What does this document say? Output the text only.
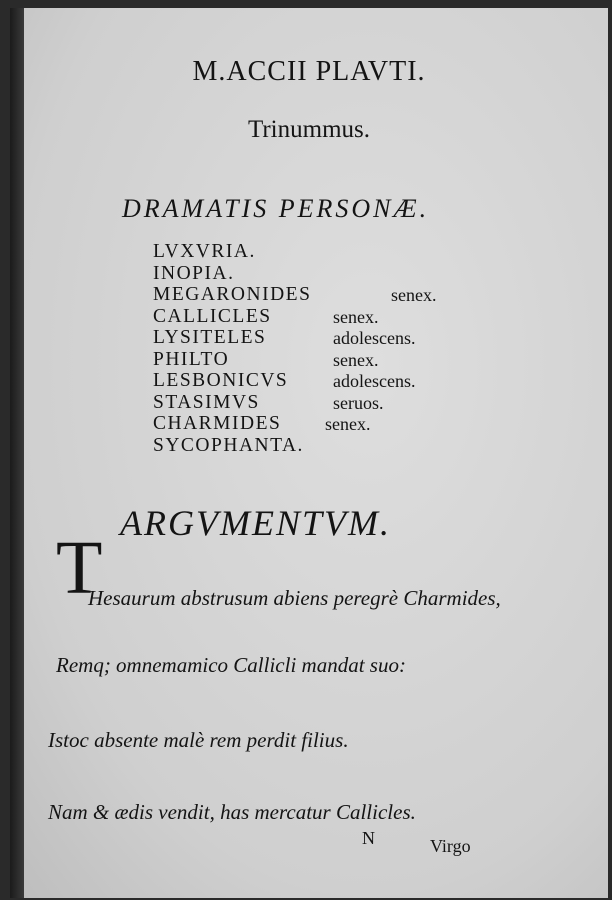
M.ACCII PLAVTI.
Trinummus.
DRAMATIS PERSONÆ.
LVXVRIA.
INOPIA.
MEGARONIDES	senex.
CALLICLES	senex.
LYSITELES	adolescens.
PHILTO	senex.
LESBONICVS adolescens.
STASIMVS	seruos.
CHARMIDES senex.
SYCOPHANTA.
ARGVMENTVM.
T
Hesaurum abstrusum abiens peregrè Charmides,
Remq; omnemamico Callicli mandat suo:
Istoc absente malè rem perdit filius.
Nam & ædis vendit, has mercatur Callicles.
N	Virgo
